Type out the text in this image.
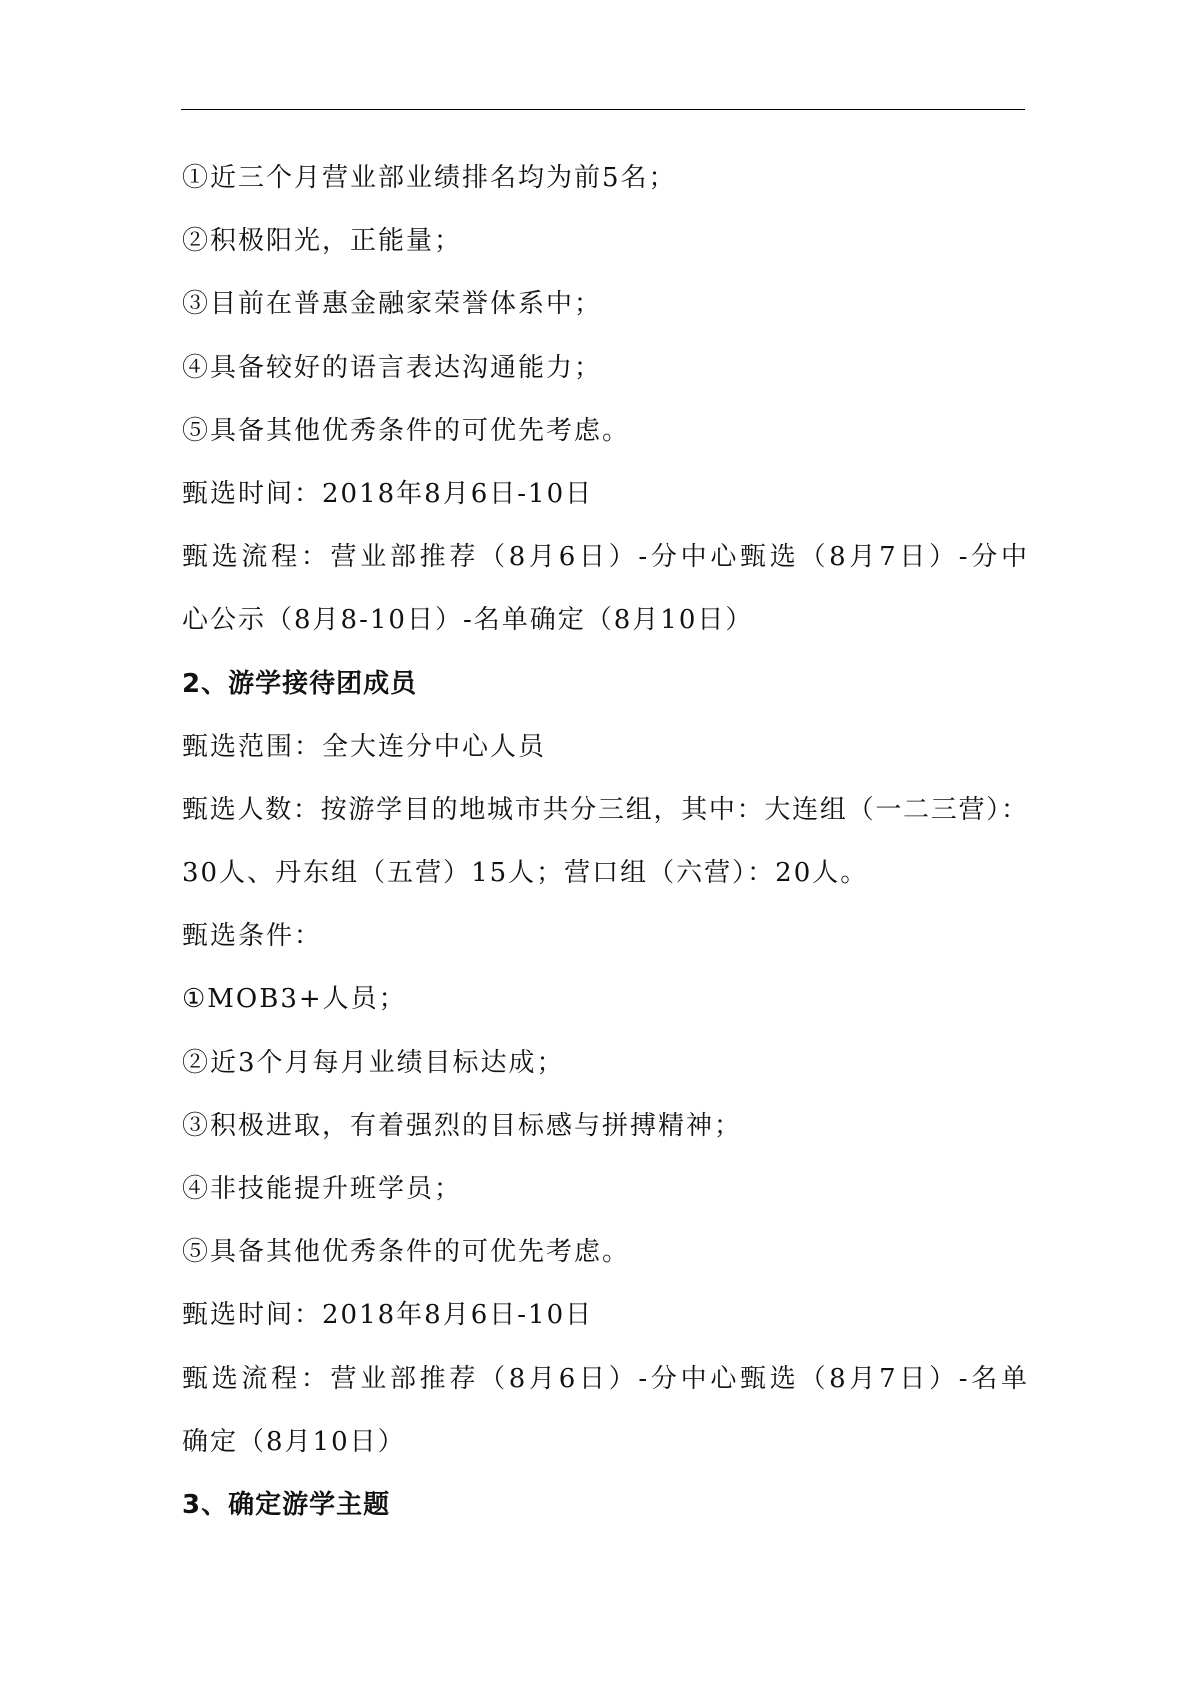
①近三个月营业部业绩排名均为前5名；
②积极阳光，正能量；
③目前在普惠金融家荣誉体系中；
④具备较好的语言表达沟通能力；
⑤具备其他优秀条件的可优先考虑。
甄选时间：2018年8月6日-10日
甄选流程：营业部推荐（8月6日）-分中心甄选（8月7日）-分中
心公示（8月8-10日）-名单确定（8月10日）
2、游学接待团成员
甄选范围：全大连分中心人员
甄选人数：按游学目的地城市共分三组，其中：大连组（一二三营）：
30人、丹东组（五营）15人；营口组（六营）：20人。
甄选条件：
①MOB3+人员；
②近3个月每月业绩目标达成；
③积极进取，有着强烈的目标感与拼搏精神；
④非技能提升班学员；
⑤具备其他优秀条件的可优先考虑。
甄选时间：2018年8月6日-10日
甄选流程：营业部推荐（8月6日）-分中心甄选（8月7日）-名单
确定（8月10日）
3、确定游学主题
